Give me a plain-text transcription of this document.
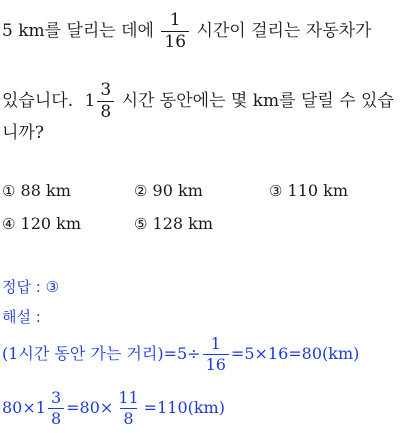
5 km를 달리는 데에 $\frac{1}{16}$ 시간이 걸리는 자동차가
있습니다. $1 \frac{3}{8}$ 시간 동안에는 몇 km를 달릴 수 있습
니까?
① 88 km	② 90 km	③ 110 km
④ 120 km	⑤ 128 km
정답 : ③
해설 :
(1시간 동안 가는 거리)$=5\div \frac{1}{16} =5\times 16=80(km)$
$80\times 1 \frac{3}{8} =80\times \frac{11}{8} =110(km)$
